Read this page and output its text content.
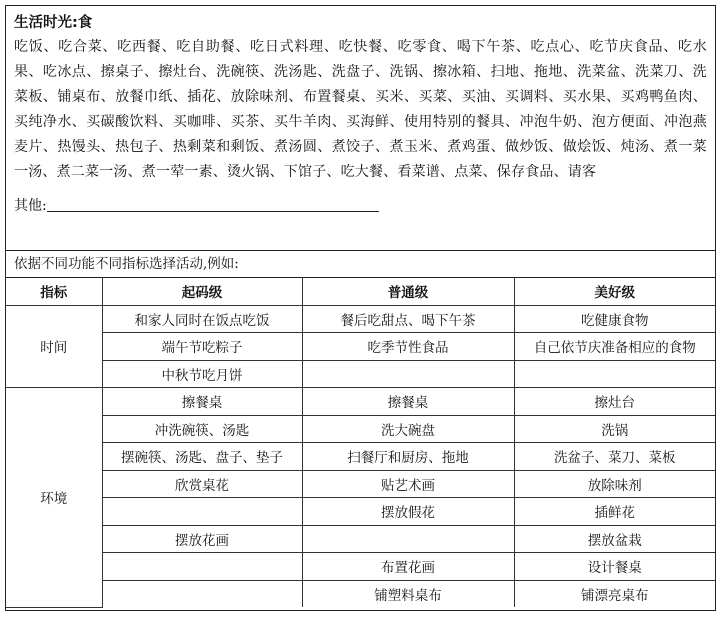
生活时光:食
吃饭、吃合菜、吃西餐、吃自助餐、吃日式料理、吃快餐、吃零食、喝下午茶、吃点心、吃节庆食品、吃水果、吃冰点、擦桌子、擦灶台、洗碗筷、洗汤匙、洗盘子、洗锅、擦冰箱、扫地、拖地、洗菜盆、洗菜刀、洗菜板、铺桌布、放餐巾纸、插花、放除味剂、布置餐桌、买米、买菜、买油、买调料、买水果、买鸡鸭鱼肉、买纯净水、买碳酸饮料、买咖啡、买茶、买牛羊肉、买海鲜、使用特别的餐具、冲泡牛奶、泡方便面、冲泡燕麦片、热馒头、热包子、热剩菜和剩饭、煮汤圆、煮饺子、煮玉米、煮鸡蛋、做炒饭、做烩饭、炖汤、煮一菜一汤、煮二菜一汤、煮一荤一素、烫火锅、下馆子、吃大餐、看菜谱、点菜、保存食品、请客
其他:
依据不同功能不同指标选择活动,例如:
指标	起码级	普通级	美好级
时间	和家人同时在饭点吃饭	餐后吃甜点、喝下午茶	吃健康食物
	端午节吃粽子	吃季节性食品	自己依节庆准备相应的食物
	中秋节吃月饼		
环境	擦餐桌	擦餐桌	擦灶台
	冲洗碗筷、汤匙	洗大碗盘	洗锅
	摆碗筷、汤匙、盘子、垫子	扫餐厅和厨房、拖地	洗盆子、菜刀、菜板
	欣赏桌花	贴艺术画	放除味剂
		摆放假花	插鲜花
	摆放花画		摆放盆栽
		布置花画	设计餐桌
		铺塑料桌布	铺漂亮桌布
